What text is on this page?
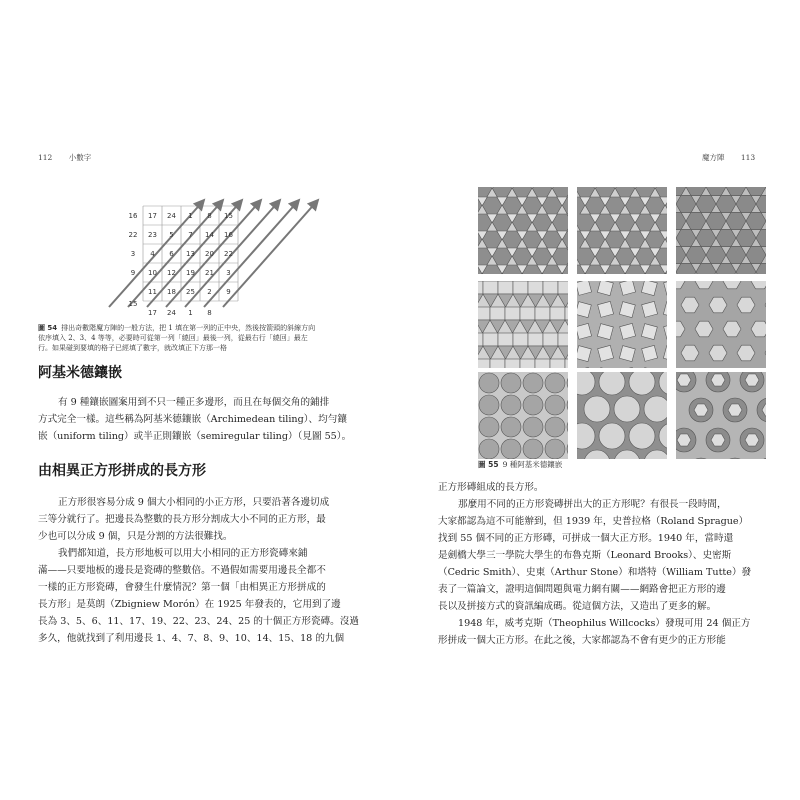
112 小數字
17 24 1 8 15
23 5 7 14 16
4 6 13 20 22
10 12 19 21 3
11 18 25 2 9
16
22
3
9
15
17 24 1 8
圖 54 排出奇數階魔方陣的一般方法，把 1 填在第一列的正中央，然後按箭頭的斜線方向
依序填入 2、3、4 等等，必要時可從第一列「繞回」最後一列，從最右行「繞回」最左
行。如果碰到要填的格子已經填了數字，就改填正下方那一格
阿基米德鑲嵌
有 9 種鑲嵌圖案用到不只一種正多邊形，而且在每個交角的鋪排
方式完全一樣。這些稱為阿基米德鑲嵌（Archimedean tiling）、均勻鑲
嵌（uniform tiling）或半正則鑲嵌（semiregular tiling）（見圖 55）。
由相異正方形拼成的長方形
正方形很容易分成 9 個大小相同的小正方形，只要沿著各邊切成
三等分就行了。把邊長為整數的長方形分割成大小不同的正方形，最
少也可以分成 9 個，只是分割的方法很難找。
我們都知道，長方形地板可以用大小相同的正方形瓷磚來鋪
滿——只要地板的邊長是瓷磚的整數倍。不過假如需要用邊長全都不
一樣的正方形瓷磚，會發生什麼情況？第一個「由相異正方形拼成的
長方形」是莫朗（Zbigniew Morón）在 1925 年發表的，它用到了邊
長為 3、5、6、11、17、19、22、23、24、25 的十個正方形瓷磚。沒過
多久，他就找到了利用邊長 1、4、7、8、9、10、14、15、18 的九個
魔方陣 113
圖 55 9 種阿基米德鑲嵌
正方形磚組成的長方形。
那麼用不同的正方形瓷磚拼出大的正方形呢？有很長一段時間，
大家都認為這不可能辦到，但 1939 年，史普拉格（Roland Sprague）
找到 55 個不同的正方形磚，可拼成一個大正方形。1940 年，當時還
是劍橋大學三一學院大學生的布魯克斯（Leonard Brooks）、史密斯
（Cedric Smith）、史東（Arthur Stone）和塔特（William Tutte）發
表了一篇論文，證明這個問題與電力網有關——網路會把正方形的邊
長以及拼接方式的資訊編成碼。從這個方法，又造出了更多的解。
1948 年，威考克斯（Theophilus Willcocks）發現可用 24 個正方
形拼成一個大正方形。在此之後，大家都認為不會有更少的正方形能
